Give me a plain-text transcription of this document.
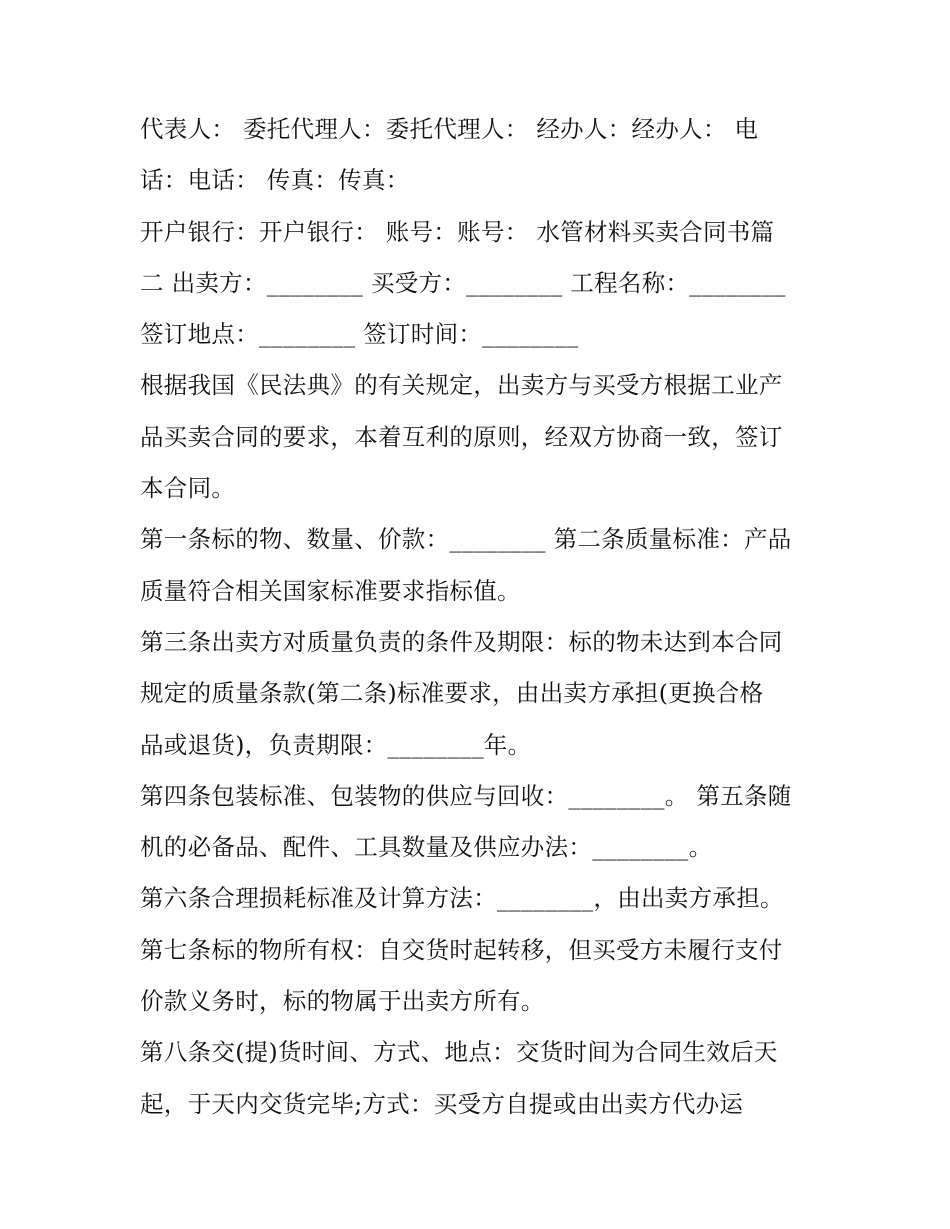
代表人： 委托代理人：委托代理人： 经办人：经办人： 电

话：电话： 传真：传真：

开户银行：开户银行： 账号：账号： 水管材料买卖合同书篇

二 出卖方：________ 买受方：________ 工程名称：________

签订地点：________ 签订时间：________

根据我国《民法典》的有关规定，出卖方与买受方根据工业产

品买卖合同的要求，本着互利的原则，经双方协商一致，签订

本合同。

第一条标的物、数量、价款：________ 第二条质量标准：产品

质量符合相关国家标准要求指标值。

第三条出卖方对质量负责的条件及期限：标的物未达到本合同

规定的质量条款(第二条)标准要求，由出卖方承担(更换合格

品或退货)，负责期限：________年。

第四条包装标准、包装物的供应与回收：________。 第五条随

机的必备品、配件、工具数量及供应办法：________。

第六条合理损耗标准及计算方法：________，由出卖方承担。

第七条标的物所有权：自交货时起转移，但买受方未履行支付

价款义务时，标的物属于出卖方所有。

第八条交(提)货时间、方式、地点：交货时间为合同生效后天

起，于天内交货完毕;方式：买受方自提或由出卖方代办运
